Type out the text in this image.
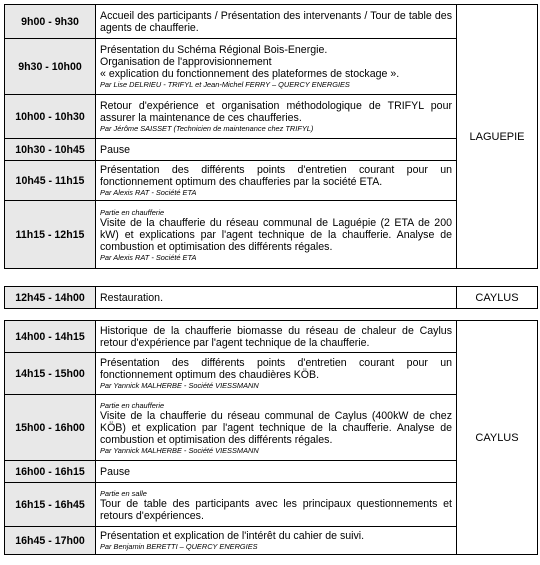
9h00 - 9h30	Accueil des participants / Présentation des intervenants / Tour de table des agents de chaufferie.	LAGUEPIE
9h30 - 10h00	Présentation du Schéma Régional Bois-Energie.
Organisation de l'approvisionnement
« explication du fonctionnement des plateformes de stockage ».
Par Lise DELRIEU - TRIFYL et Jean-Michel FERRY – QUERCY ENERGIES	

10h00 - 10h30	Retour d'expérience et organisation méthodologique de TRIFYL pour assurer la maintenance de ces chaufferies.
Par Jérôme SAISSET (Technicien de maintenance chez TRIFYL)	

10h30 - 10h45	Pause	

10h45 - 11h15	Présentation des différents points d'entretien courant pour un fonctionnement optimum des chaufferies par la société ETA.
Par Alexis RAT - Société ETA	

11h15 - 12h15	Partie en chaufferie
Visite de la chaufferie du réseau communal de Laguépie (2 ETA de 200 kW) et explications par l'agent technique de la chaufferie. Analyse de combustion et optimisation des différents régales.
Par Alexis RAT - Société ETA	
12h45 - 14h00	Restauration.	CAYLUS
14h00 - 14h15	Historique de la chaufferie biomasse du réseau de chaleur de Caylus retour d'expérience par l'agent technique de la chaufferie.	CAYLUS
14h15 - 15h00	Présentation des différents points d'entretien courant pour un fonctionnement optimum des chaudières KÖB.
Par Yannick MALHERBE - Société VIESSMANN	

15h00 - 16h00	Partie en chaufferie
Visite de la chaufferie du réseau communal de Caylus (400kW de chez KÖB) et explication par l'agent technique de la chaufferie. Analyse de combustion et optimisation des différents régales.
Par Yannick MALHERBE - Société VIESSMANN	

16h00 - 16h15	Pause	

16h15 - 16h45	Partie en salle
Tour de table des participants avec les principaux questionnements et retours d'expériences.	

16h45 - 17h00	Présentation et explication de l'intérêt du cahier de suivi.
Par Benjamin BERETTI – QUERCY ENERGIES	
